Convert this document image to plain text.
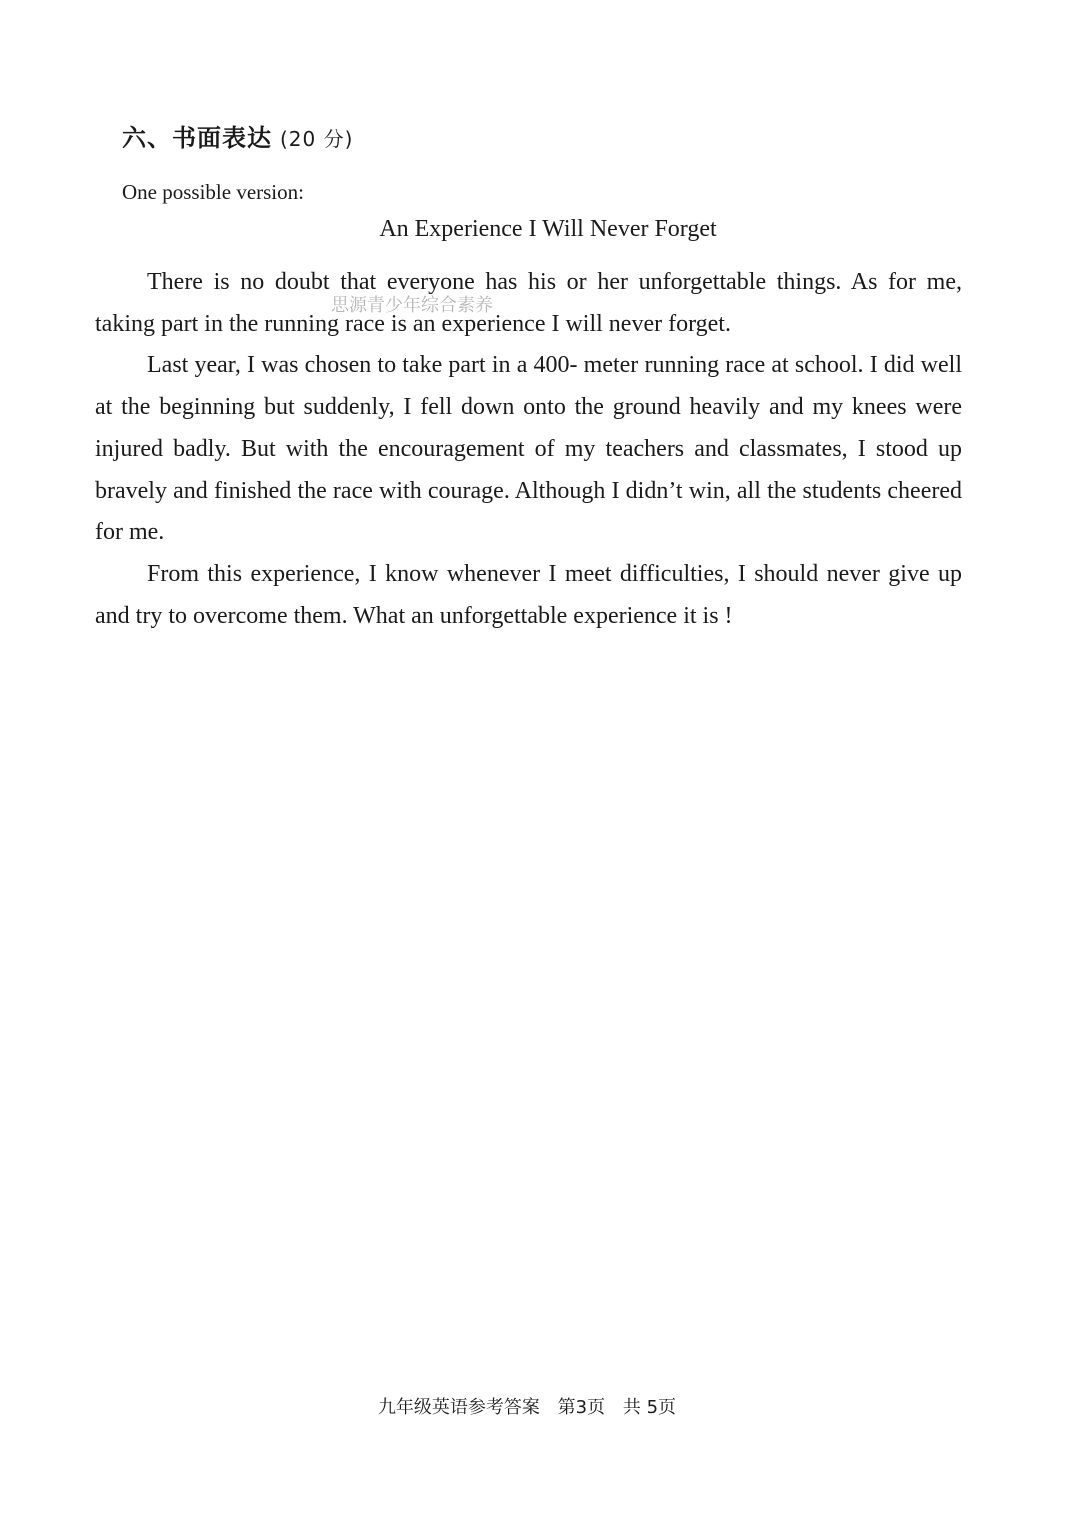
六、书面表达 (20 分)
One possible version:
An Experience I Will Never Forget

There is no doubt that everyone has his or her unforgettable things. As for me, taking part in the running race is an experience I will never forget.

Last year, I was chosen to take part in a 400- meter running race at school. I did well at the beginning but suddenly, I fell down onto the ground heavily and my knees were injured badly. But with the encouragement of my teachers and classmates, I stood up bravely and finished the race with courage. Although I didn’t win, all the students cheered for me.

From this experience, I know whenever I meet difficulties, I should never give up and try to overcome them. What an unforgettable experience it is !

思源青少年综合素养
九年级英语参考答案 第3页 共 5页
